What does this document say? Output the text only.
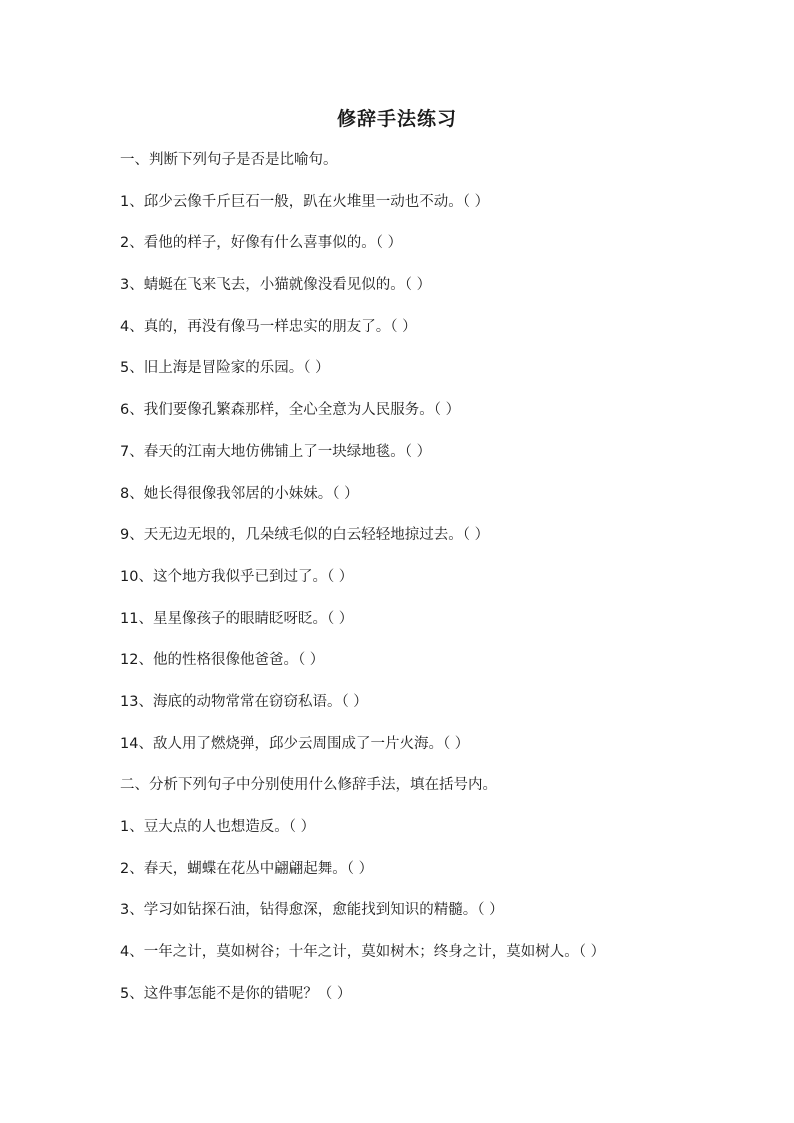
修辞手法练习
一、判断下列句子是否是比喻句。
1、邱少云像千斤巨石一般，趴在火堆里一动也不动。（ ）
2、看他的样子，好像有什么喜事似的。（ ）
3、蜻蜓在飞来飞去，小猫就像没看见似的。（ ）
4、真的，再没有像马一样忠实的朋友了。（ ）
5、旧上海是冒险家的乐园。（ ）
6、我们要像孔繁森那样，全心全意为人民服务。（ ）
7、春天的江南大地仿佛铺上了一块绿地毯。（ ）
8、她长得很像我邻居的小妹妹。（ ）
9、天无边无垠的，几朵绒毛似的白云轻轻地掠过去。（ ）
10、这个地方我似乎已到过了。（ ）
11、星星像孩子的眼睛眨呀眨。（ ）
12、他的性格很像他爸爸。（ ）
13、海底的动物常常在窃窃私语。（ ）
14、敌人用了燃烧弹，邱少云周围成了一片火海。（ ）
二、分析下列句子中分别使用什么修辞手法，填在括号内。
1、豆大点的人也想造反。（ ）
2、春天，蝴蝶在花丛中翩翩起舞。（ ）
3、学习如钻探石油，钻得愈深，愈能找到知识的精髓。（ ）
4、一年之计，莫如树谷；十年之计，莫如树木；终身之计，莫如树人。（ ）
5、这件事怎能不是你的错呢？（ ）
